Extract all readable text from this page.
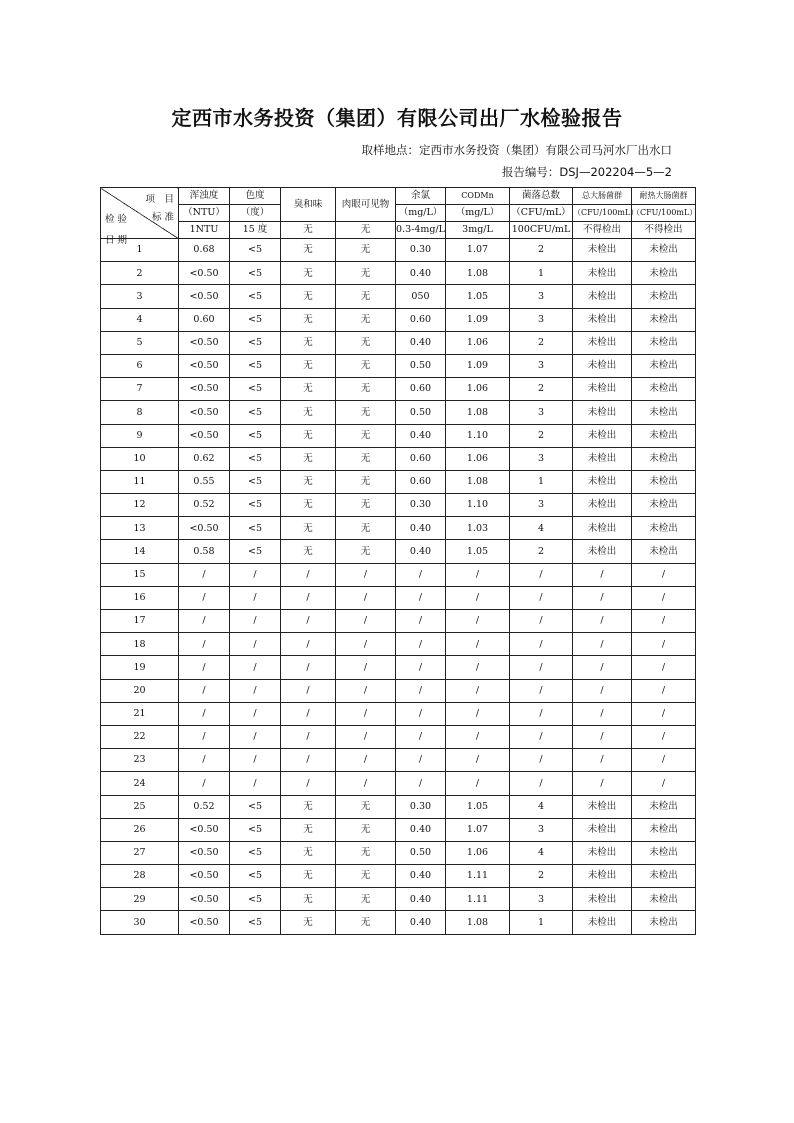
定西市水务投资（集团）有限公司出厂水检验报告
取样地点：定西市水务投资（集团）有限公司马河水厂出水口
报告编号：DSJ—202204—5—2
项　目
检 验 标 准
日 期	浑浊度	色度	臭和味	肉眼可见物	余氯	CODMn	菌落总数	总大肠菌群	耐热大肠菌群
	（NTU）	（度）			（mg/L）	（mg/L）	（CFU/mL）	（CFU/100mL）	（CFU/100mL）
	1NTU	15 度	无	无	0.3-4mg/L	3mg/L	100CFU/mL	不得检出	不得检出
1	0.68	<5	无	无	0.30	1.07	2	未检出	未检出
2	<0.50	<5	无	无	0.40	1.08	1	未检出	未检出
3	<0.50	<5	无	无	050	1.05	3	未检出	未检出
4	0.60	<5	无	无	0.60	1.09	3	未检出	未检出
5	<0.50	<5	无	无	0.40	1.06	2	未检出	未检出
6	<0.50	<5	无	无	0.50	1.09	3	未检出	未检出
7	<0.50	<5	无	无	0.60	1.06	2	未检出	未检出
8	<0.50	<5	无	无	0.50	1.08	3	未检出	未检出
9	<0.50	<5	无	无	0.40	1.10	2	未检出	未检出
10	0.62	<5	无	无	0.60	1.06	3	未检出	未检出
11	0.55	<5	无	无	0.60	1.08	1	未检出	未检出
12	0.52	<5	无	无	0.30	1.10	3	未检出	未检出
13	<0.50	<5	无	无	0.40	1.03	4	未检出	未检出
14	0.58	<5	无	无	0.40	1.05	2	未检出	未检出
15	/	/	/	/	/	/	/	/	/
16	/	/	/	/	/	/	/	/	/
17	/	/	/	/	/	/	/	/	/
18	/	/	/	/	/	/	/	/	/
19	/	/	/	/	/	/	/	/	/
20	/	/	/	/	/	/	/	/	/
21	/	/	/	/	/	/	/	/	/
22	/	/	/	/	/	/	/	/	/
23	/	/	/	/	/	/	/	/	/
24	/	/	/	/	/	/	/	/	/
25	0.52	<5	无	无	0.30	1.05	4	未检出	未检出
26	<0.50	<5	无	无	0.40	1.07	3	未检出	未检出
27	<0.50	<5	无	无	0.50	1.06	4	未检出	未检出
28	<0.50	<5	无	无	0.40	1.11	2	未检出	未检出
29	<0.50	<5	无	无	0.40	1.11	3	未检出	未检出
30	<0.50	<5	无	无	0.40	1.08	1	未检出	未检出
